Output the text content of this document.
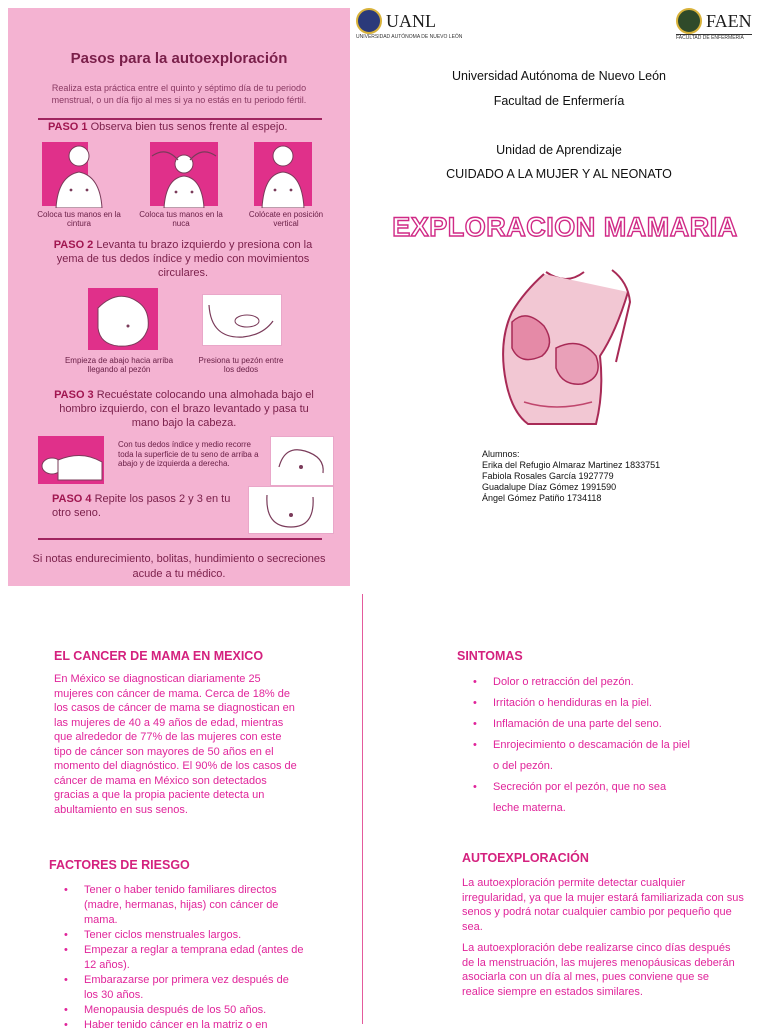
Pasos para la autoexploración
Realiza esta práctica entre el quinto y séptimo día de tu periodo menstrual, o un día fijo al mes si ya no estás en tu periodo fértil.
PASO 1 Observa bien tus senos frente al espejo.
Coloca tus manos en la cintura
Coloca tus manos en la nuca
Colócate en posición vertical
PASO 2 Levanta tu brazo izquierdo y presiona con la yema de tus dedos índice y medio con movimientos circulares.
Empieza de abajo hacia arriba llegando al pezón
Presiona tu pezón entre los dedos
PASO 3 Recuéstate colocando una almohada bajo el hombro izquierdo, con el brazo levantado y pasa tu mano bajo la cabeza.
Con tus dedos índice y medio recorre toda la superficie de tu seno de arriba a abajo y de izquierda a derecha.
PASO 4 Repite los pasos 2 y 3 en tu otro seno.
Si notas endurecimiento, bolitas, hundimiento o secreciones acude a tu médico.
UANL
UNIVERSIDAD AUTÓNOMA DE NUEVO LEÓN
FAEN
FACULTAD DE ENFERMERÍA
Universidad Autónoma de Nuevo León
Facultad de Enfermería
Unidad de Aprendizaje
CUIDADO A LA MUJER Y AL NEONATO
EXPLORACION MAMARIA
Alumnos:
Erika del Refugio Almaraz Martinez 1833751
Fabiola Rosales García 1927779
Guadalupe Díaz Gómez 1991590
Ángel Gómez Patiño 1734118
EL CANCER DE MAMA EN MEXICO
En México se diagnostican diariamente 25 mujeres con cáncer de mama. Cerca de 18% de los casos de cáncer de mama se diagnostican en las mujeres de 40 a 49 años de edad, mientras que alrededor de 77% de las mujeres con este tipo de cáncer son mayores de 50 años en el momento del diagnóstico. El 90% de los casos de cáncer de mama en México son detectados gracias a que la propia paciente detecta un abultamiento en sus senos.
FACTORES DE RIESGO
• Tener o haber tenido familiares directos (madre, hermanas, hijas) con cáncer de mama.
• Tener ciclos menstruales largos.
• Empezar a reglar a temprana edad (antes de 12 años).
• Embarazarse por primera vez después de los 30 años.
• Menopausia después de los 50 años.
• Haber tenido cáncer en la matriz o en
SINTOMAS
• Dolor o retracción del pezón.
• Irritación o hendiduras en la piel.
• Inflamación de una parte del seno.
• Enrojecimiento o descamación de la piel o del pezón.
• Secreción por el pezón, que no sea leche materna.
AUTOEXPLORACIÓN
La autoexploración permite detectar cualquier irregularidad, ya que la mujer estará familiarizada con sus senos y podrá notar cualquier cambio por pequeño que sea.
La autoexploración debe realizarse cinco días después de la menstruación, las mujeres menopáusicas deberán asociarla con un día al mes, pues conviene que se realice siempre en estados similares.
